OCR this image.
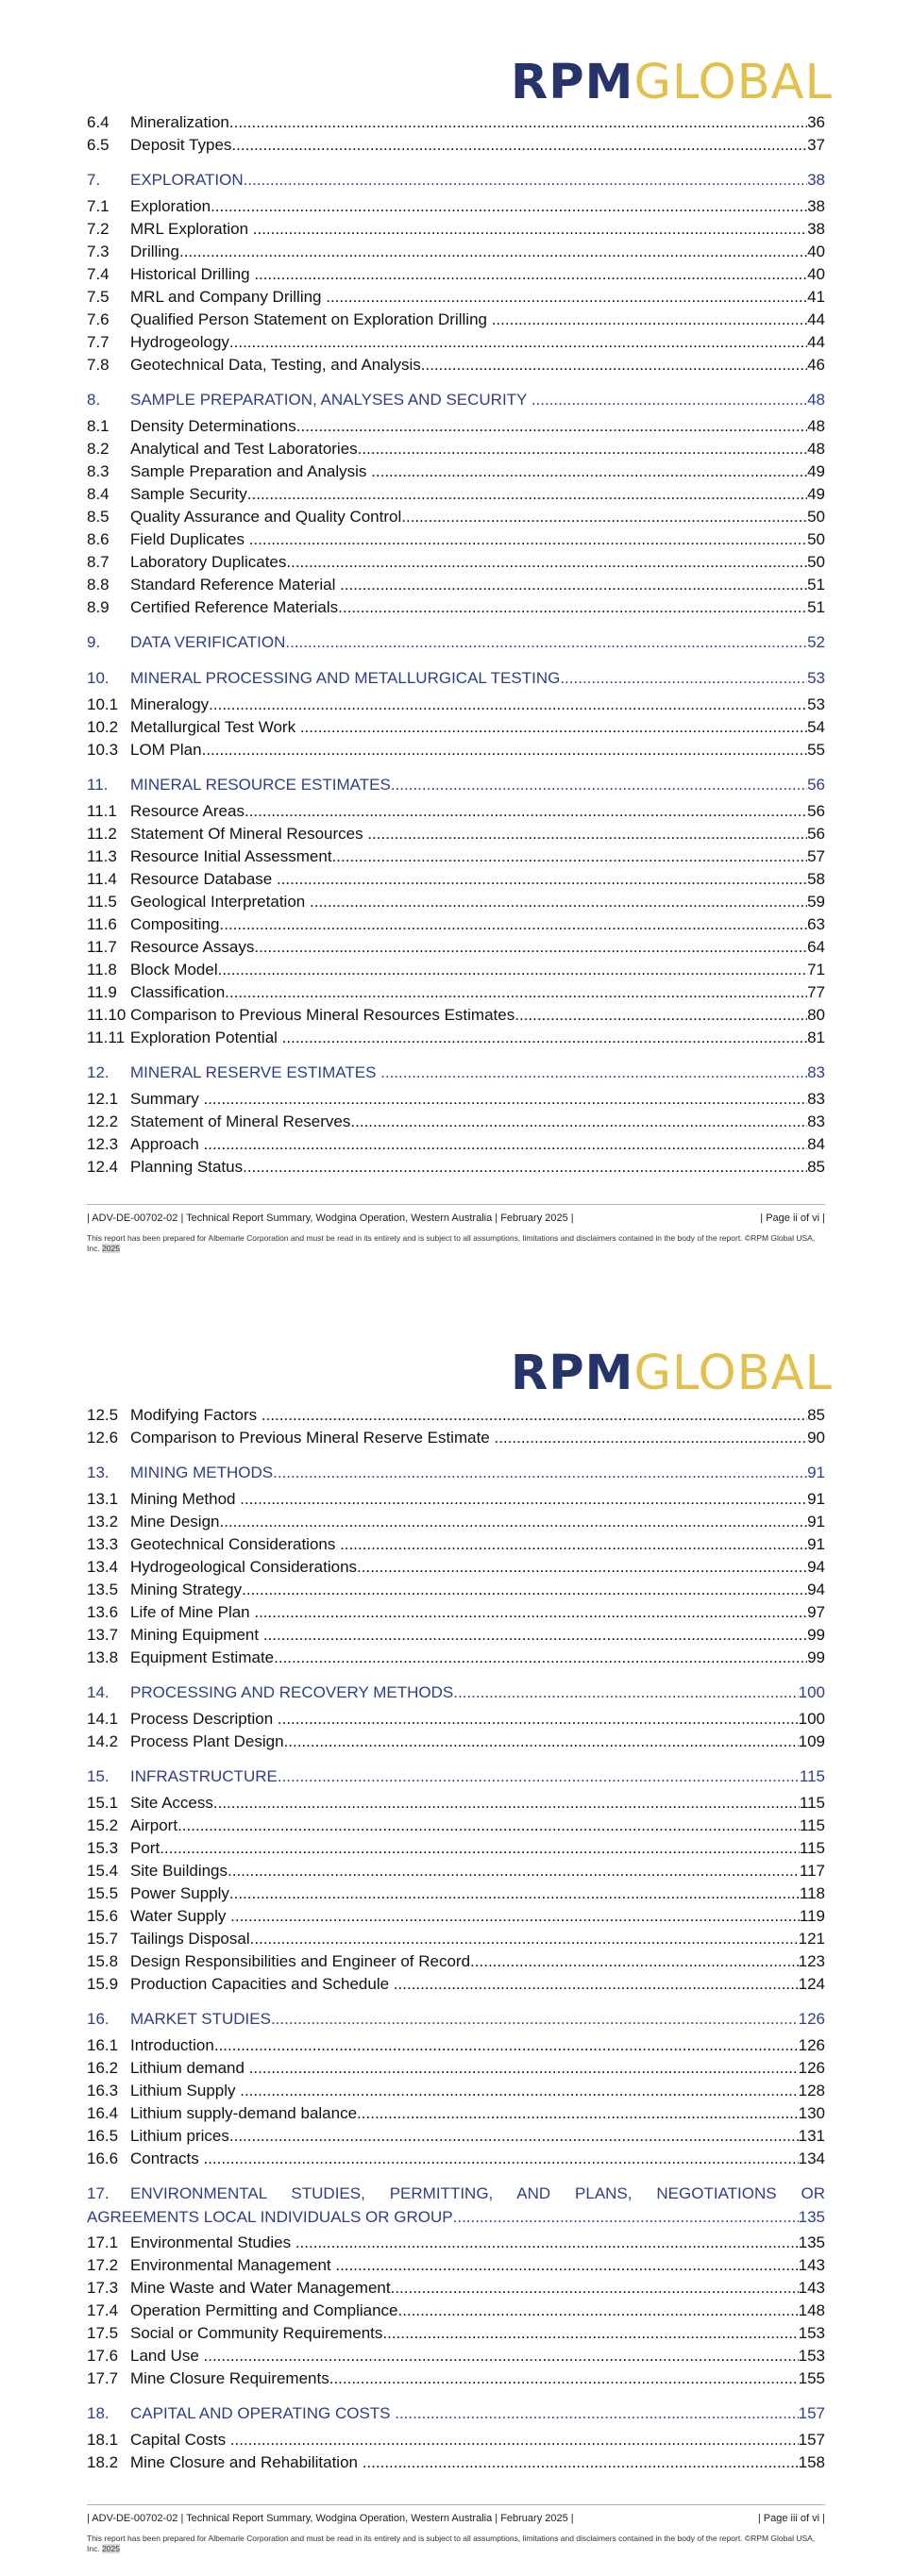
RPMGLOBAL
6.4	Mineralization .....	36
6.5	Deposit Types .....	37
7.	EXPLORATION .....	38
7.1	Exploration .....	38
7.2	MRL Exploration .....	38
7.3	Drilling .....	40
7.4	Historical Drilling .....	40
7.5	MRL and Company Drilling .....	41
7.6	Qualified Person Statement on Exploration Drilling .....	44
7.7	Hydrogeology .....	44
7.8	Geotechnical Data, Testing, and Analysis .....	46
8.	SAMPLE PREPARATION, ANALYSES AND SECURITY .....	48
8.1	Density Determinations .....	48
8.2	Analytical and Test Laboratories .....	48
8.3	Sample Preparation and Analysis .....	49
8.4	Sample Security .....	49
8.5	Quality Assurance and Quality Control .....	50
8.6	Field Duplicates .....	50
8.7	Laboratory Duplicates .....	50
8.8	Standard Reference Material .....	51
8.9	Certified Reference Materials .....	51
9.	DATA VERIFICATION .....	52
10.	MINERAL PROCESSING AND METALLURGICAL TESTING .....	53
10.1 Mineralogy .....	53
10.2 Metallurgical Test Work .....	54
10.3 LOM Plan .....	55
11.	MINERAL RESOURCE ESTIMATES .....	56
11.1 Resource Areas .....	56
11.2 Statement Of Mineral Resources .....	56
11.3 Resource Initial Assessment .....	57
11.4 Resource Database .....	58
11.5 Geological Interpretation .....	59
11.6 Compositing .....	63
11.7 Resource Assays .....	64
11.8 Block Model .....	71
11.9 Classification .....	77
11.10 Comparison to Previous Mineral Resources Estimates .....	80
11.11 Exploration Potential .....	81
12.	MINERAL RESERVE ESTIMATES .....	83
12.1 Summary .....	83
12.2 Statement of Mineral Reserves .....	83
12.3 Approach .....	84
12.4 Planning Status .....	85
| ADV-DE-00702-02 | Technical Report Summary, Wodgina Operation, Western Australia | February 2025 |	| Page ii of vi |
This report has been prepared for Albemarle Corporation and must be read in its entirety and is subject to all assumptions, limitations and disclaimers contained in the body of the report. ©RPM Global USA, Inc. 2025
RPMGLOBAL
12.5 Modifying Factors .....	85
12.6 Comparison to Previous Mineral Reserve Estimate .....	90
13.	MINING METHODS .....	91
13.1 Mining Method .....	91
13.2 Mine Design .....	91
13.3 Geotechnical Considerations .....	91
13.4 Hydrogeological Considerations .....	94
13.5 Mining Strategy .....	94
13.6 Life of Mine Plan .....	97
13.7 Mining Equipment .....	99
13.8 Equipment Estimate .....	99
14.	PROCESSING AND RECOVERY METHODS .....	100
14.1 Process Description .....	100
14.2 Process Plant Design .....	109
15.	INFRASTRUCTURE .....	115
15.1 Site Access .....	115
15.2 Airport .....	115
15.3 Port .....	115
15.4 Site Buildings .....	117
15.5 Power Supply .....	118
15.6 Water Supply .....	119
15.7 Tailings Disposal .....	121
15.8 Design Responsibilities and Engineer of Record .....	123
15.9 Production Capacities and Schedule .....	124
16.	MARKET STUDIES .....	126
16.1 Introduction .....	126
16.2 Lithium demand .....	126
16.3 Lithium Supply .....	128
16.4 Lithium supply-demand balance .....	130
16.5 Lithium prices .....	131
16.6 Contracts .....	134
17. ENVIRONMENTAL STUDIES, PERMITTING, AND PLANS, NEGOTIATIONS OR
AGREEMENTS LOCAL INDIVIDUALS OR GROUP .....	135
17.1 Environmental Studies .....	135
17.2 Environmental Management .....	143
17.3 Mine Waste and Water Management .....	143
17.4 Operation Permitting and Compliance .....	148
17.5 Social or Community Requirements .....	153
17.6 Land Use .....	153
17.7 Mine Closure Requirements .....	155
18.	CAPITAL AND OPERATING COSTS .....	157
18.1 Capital Costs .....	157
18.2 Mine Closure and Rehabilitation .....	158
| ADV-DE-00702-02 | Technical Report Summary, Wodgina Operation, Western Australia | February 2025 |	| Page iii of vi |
This report has been prepared for Albemarle Corporation and must be read in its entirety and is subject to all assumptions, limitations and disclaimers contained in the body of the report. ©RPM Global USA, Inc. 2025
